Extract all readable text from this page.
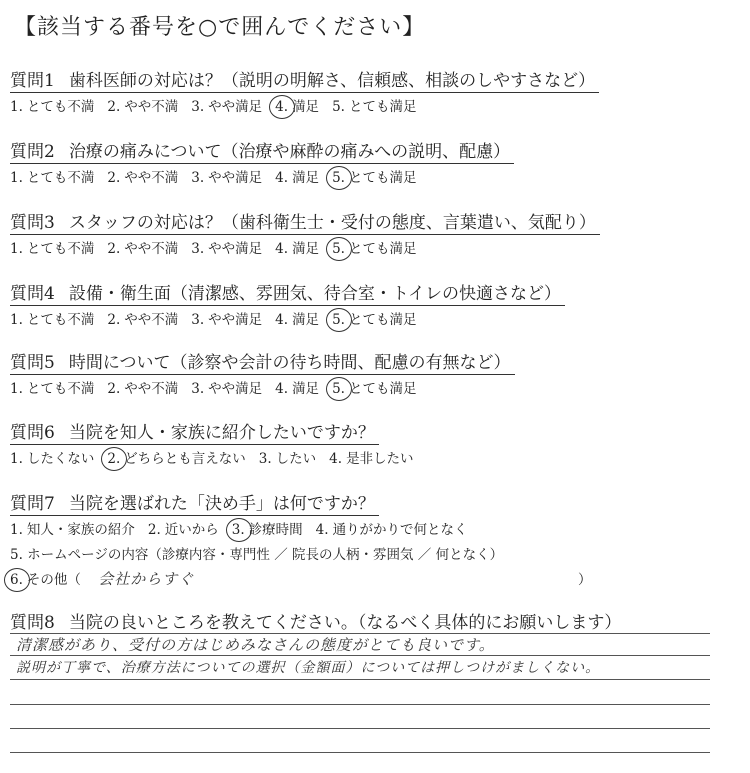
【該当する番号を○で囲んでください】
質問1 歯科医師の対応は？（説明の明解さ、信頼感、相談のしやすさなど）
1. とても不満 2. やや不満 3. やや満足 4. 満足 5. とても満足
質問2 治療の痛みについて（治療や麻酔の痛みへの説明、配慮）
1. とても不満 2. やや不満 3. やや満足 4. 満足 5. とても満足
質問3 スタッフの対応は？（歯科衛生士・受付の態度、言葉遣い、気配り）
1. とても不満 2. やや不満 3. やや満足 4. 満足 5. とても満足
質問4 設備・衛生面（清潔感、雰囲気、待合室・トイレの快適さなど）
1. とても不満 2. やや不満 3. やや満足 4. 満足 5. とても満足
質問5 時間について（診察や会計の待ち時間、配慮の有無など）
1. とても不満 2. やや不満 3. やや満足 4. 満足 5. とても満足
質問6 当院を知人・家族に紹介したいですか？
1. したくない 2. どちらとも言えない 3. したい 4. 是非したい
質問7 当院を選ばれた「決め手」は何ですか？
1. 知人・家族の紹介 2. 近いから 3. 診療時間 4. 通りがかりで何となく
5. ホームページの内容（診療内容・専門性 ／ 院長の人柄・雰囲気 ／ 何となく）
6. その他（ 会社からすぐ	）
質問8 当院の良いところを教えてください。（なるべく具体的にお願いします）
清潔感があり、受付の方はじめみなさんの態度がとても良いです。
説明が丁寧で、治療方法についての選択（金額面）については押しつけがましくない。
